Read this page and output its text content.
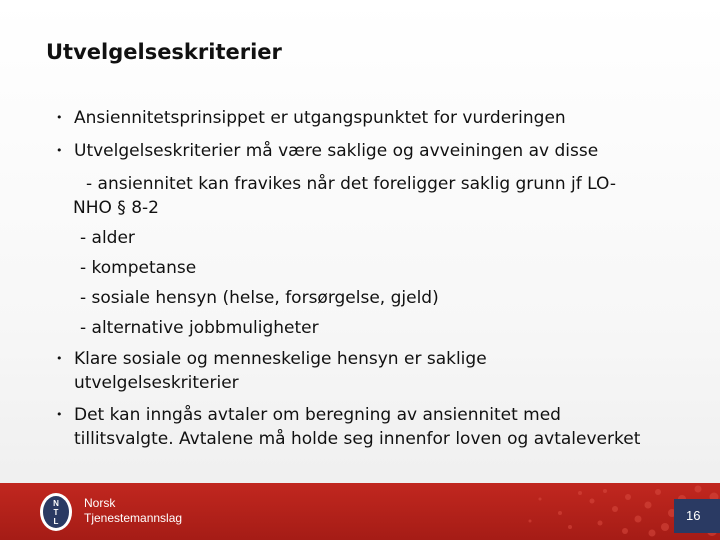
Utvelgelseskriterier
• Ansiennitetsprinsippet er utgangspunktet for vurderingen
• Utvelgelseskriterier må være saklige og avveiningen av disse
- ansiennitet kan fravikes når det foreligger saklig grunn jf LO-
NHO § 8-2
- alder
- kompetanse
- sosiale hensyn (helse, forsørgelse, gjeld)
- alternative jobbmuligheter
• Klare sosiale og menneskelige hensyn er saklige
utvelgelseskriterier
• Det kan inngås avtaler om beregning av ansiennitet med
tillitsvalgte. Avtalene må holde seg innenfor loven og avtaleverket
N
T
L
Norsk
Tjenestemannslag	16
